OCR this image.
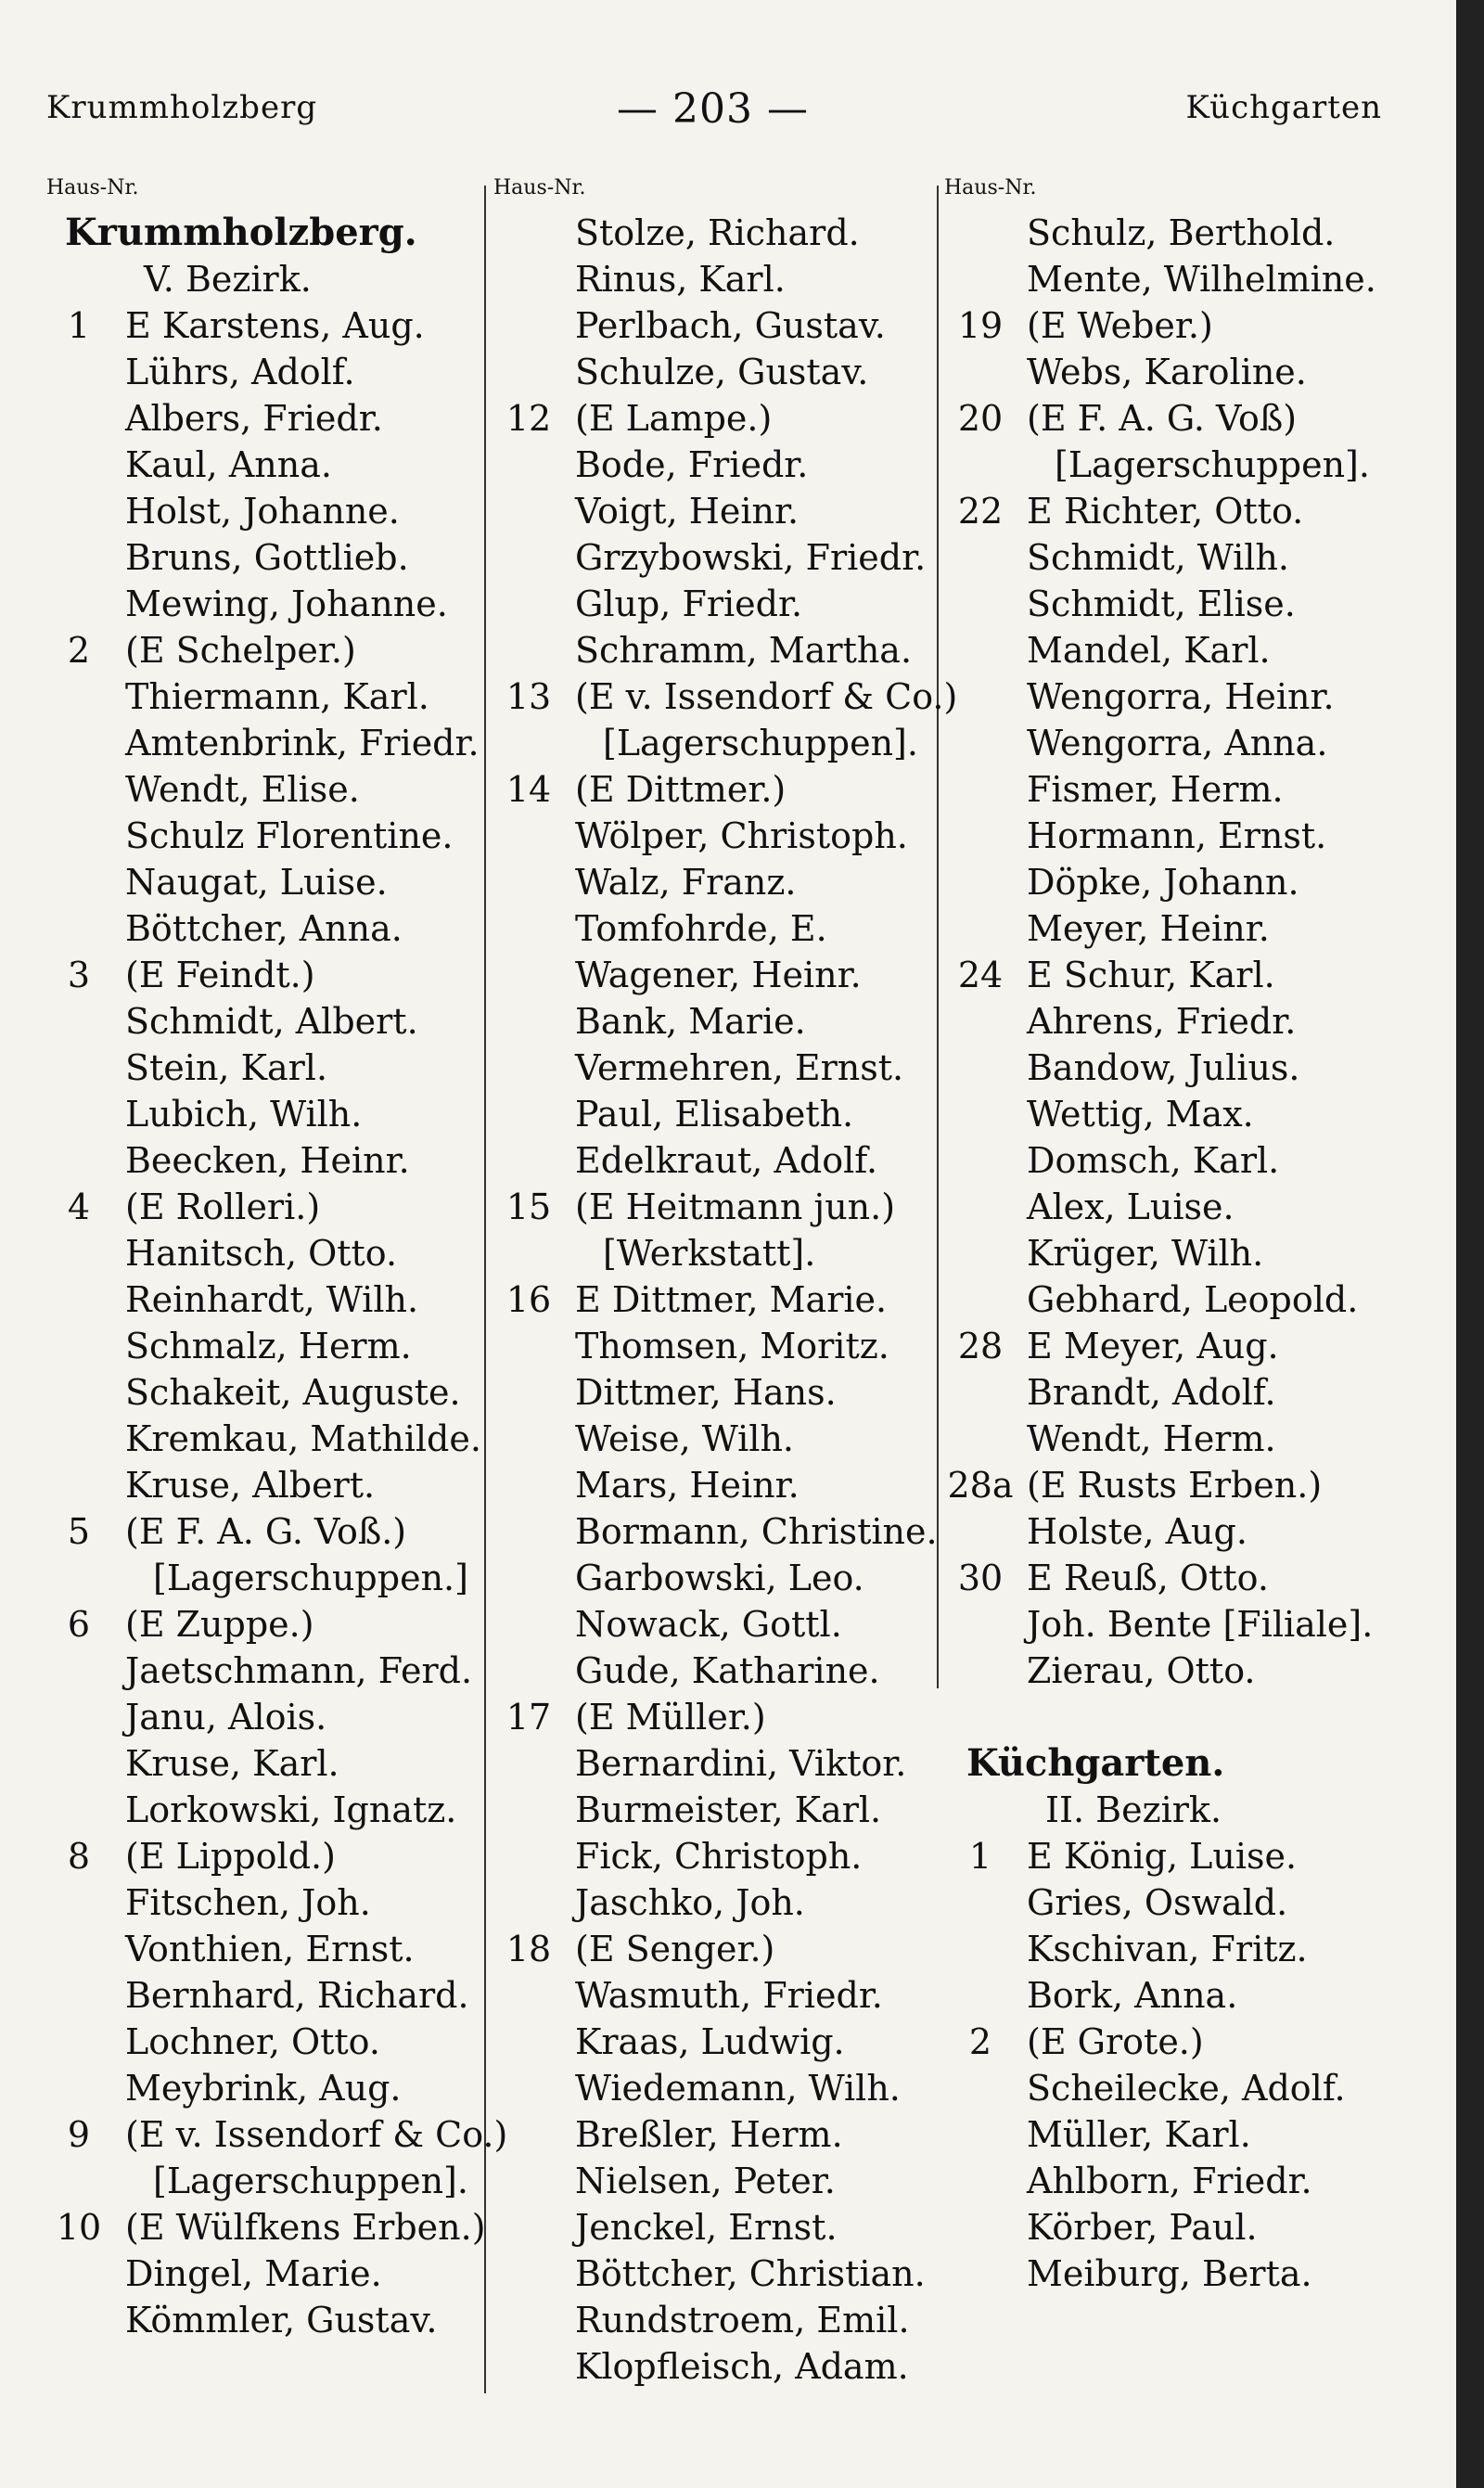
Krummholzberg	— 203 —	Küchgarten
Haus-Nr.	Haus-Nr.	Haus-Nr.
Krummholzberg.
V. Bezirk.
1 E Karstens, Aug.
Lührs, Adolf.
Albers, Friedr.
Kaul, Anna.
Holst, Johanne.
Bruns, Gottlieb.
Mewing, Johanne.
2 (E Schelper.)
Thiermann, Karl.
Amtenbrink, Friedr.
Wendt, Elise.
Schulz Florentine.
Naugat, Luise.
Böttcher, Anna.
3 (E Feindt.)
Schmidt, Albert.
Stein, Karl.
Lubich, Wilh.
Beecken, Heinr.
4 (E Rolleri.)
Hanitsch, Otto.
Reinhardt, Wilh.
Schmalz, Herm.
Schakeit, Auguste.
Kremkau, Mathilde.
Kruse, Albert.
5 (E F. A. G. Voß.)
[Lagerschuppen.]
6 (E Zuppe.)
Jaetschmann, Ferd.
Janu, Alois.
Kruse, Karl.
Lorkowski, Ignatz.
8 (E Lippold.)
Fitschen, Joh.
Vonthien, Ernst.
Bernhard, Richard.
Lochner, Otto.
Meybrink, Aug.
9 (E v. Issendorf & Co.)
[Lagerschuppen].
10 (E Wülfkens Erben.)
Dingel, Marie.
Kömmler, Gustav.
Stolze, Richard.
Rinus, Karl.
Perlbach, Gustav.
Schulze, Gustav.
12 (E Lampe.)
Bode, Friedr.
Voigt, Heinr.
Grzybowski, Friedr.
Glup, Friedr.
Schramm, Martha.
13 (E v. Issendorf & Co.)
[Lagerschuppen].
14 (E Dittmer.)
Wölper, Christoph.
Walz, Franz.
Tomfohrde, E.
Wagener, Heinr.
Bank, Marie.
Vermehren, Ernst.
Paul, Elisabeth.
Edelkraut, Adolf.
15 (E Heitmann jun.)
[Werkstatt].
16 E Dittmer, Marie.
Thomsen, Moritz.
Dittmer, Hans.
Weise, Wilh.
Mars, Heinr.
Bormann, Christine.
Garbowski, Leo.
Nowack, Gottl.
Gude, Katharine.
17 (E Müller.)
Bernardini, Viktor.
Burmeister, Karl.
Fick, Christoph.
Jaschko, Joh.
18 (E Senger.)
Wasmuth, Friedr.
Kraas, Ludwig.
Wiedemann, Wilh.
Breßler, Herm.
Nielsen, Peter.
Jenckel, Ernst.
Böttcher, Christian.
Rundstroem, Emil.
Klopfleisch, Adam.
Schulz, Berthold.
Mente, Wilhelmine.
19 (E Weber.)
Webs, Karoline.
20 (E F. A. G. Voß)
[Lagerschuppen].
22 E Richter, Otto.
Schmidt, Wilh.
Schmidt, Elise.
Mandel, Karl.
Wengorra, Heinr.
Wengorra, Anna.
Fismer, Herm.
Hormann, Ernst.
Döpke, Johann.
Meyer, Heinr.
24 E Schur, Karl.
Ahrens, Friedr.
Bandow, Julius.
Wettig, Max.
Domsch, Karl.
Alex, Luise.
Krüger, Wilh.
Gebhard, Leopold.
28 E Meyer, Aug.
Brandt, Adolf.
Wendt, Herm.
28a (E Rusts Erben.)
Holste, Aug.
30 E Reuß, Otto.
Joh. Bente [Filiale].
Zierau, Otto.
Küchgarten.
II. Bezirk.
1 E König, Luise.
Gries, Oswald.
Kschivan, Fritz.
Bork, Anna.
2 (E Grote.)
Scheilecke, Adolf.
Müller, Karl.
Ahlborn, Friedr.
Körber, Paul.
Meiburg, Berta.
